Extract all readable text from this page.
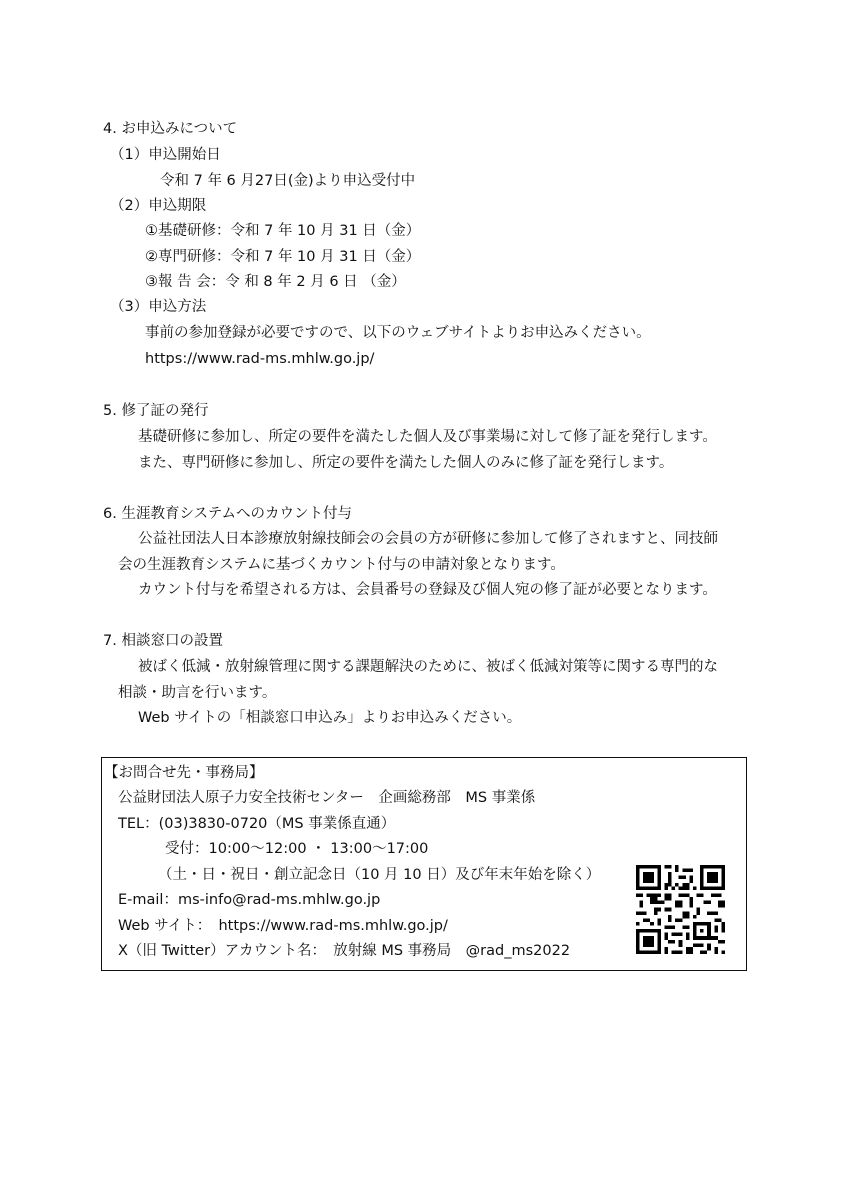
4. お申込みについて
（1）申込開始日
令和 7 年 6 月27日(金)より申込受付中
（2）申込期限
①基礎研修：令和 7 年 10 月 31 日（金）
②専門研修：令和 7 年 10 月 31 日（金）
③報 告 会：令 和 8 年 2 月 6 日 （金）
（3）申込方法
事前の参加登録が必要ですので、以下のウェブサイトよりお申込みください。
https://www.rad-ms.mhlw.go.jp/
5. 修了証の発行
基礎研修に参加し、所定の要件を満たした個人及び事業場に対して修了証を発行します。
また、専門研修に参加し、所定の要件を満たした個人のみに修了証を発行します。
6. 生涯教育システムへのカウント付与
公益社団法人日本診療放射線技師会の会員の方が研修に参加して修了されますと、同技師
会の生涯教育システムに基づくカウント付与の申請対象となります。
カウント付与を希望される方は、会員番号の登録及び個人宛の修了証が必要となります。
7. 相談窓口の設置
被ばく低減・放射線管理に関する課題解決のために、被ばく低減対策等に関する専門的な
相談・助言を行います。
Web サイトの「相談窓口申込み」よりお申込みください。
【お問合せ先・事務局】
公益財団法人原子力安全技術センター　企画総務部　MS 事業係
TEL：(03)3830-0720（MS 事業係直通）
受付：10:00～12:00 ・ 13:00～17:00
（土・日・祝日・創立記念日（10 月 10 日）及び年末年始を除く）
E-mail：ms-info@rad-ms.mhlw.go.jp
Web サイト：　https://www.rad-ms.mhlw.go.jp/
X（旧 Twitter）アカウント名：　放射線 MS 事務局　@rad_ms2022
